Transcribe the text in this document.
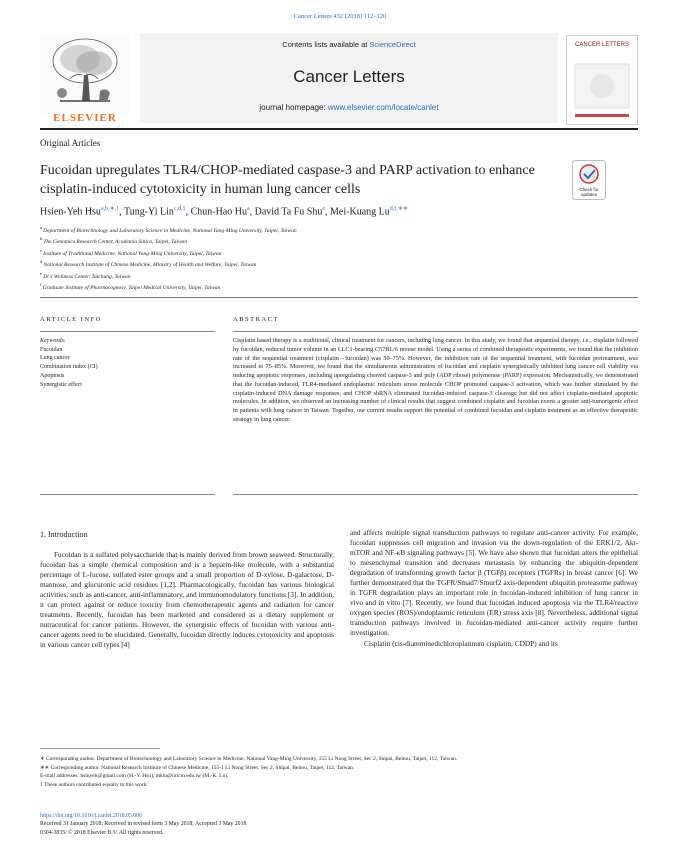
Cancer Letters 432 (2018) 112–120
ELSEVIER
Contents lists available at ScienceDirect
Cancer Letters
journal homepage: www.elsevier.com/locate/canlet
CANCER LETTERS
Original Articles
Fucoidan upregulates TLR4/CHOP-mediated caspase-3 and PARP activation to enhance cisplatin-induced cytotoxicity in human lung cancer cells	Check for updates
Hsien-Yeh Hsu$^{a,b,∗,1}$, Tung-Yi Lin$^{c,d,1}$, Chun-Hao Hu$^a$, David Ta Fu Shu$^e$, Mei-Kuang $Lu^{d,f,∗∗}$
$^a$ Department of Biotechnology and Laboratory Science in Medicine, National Yang-Ming University, Taipei, Taiwan
$^b$ The Genomics Research Center, Academia Sinica, Taipei, Taiwan
$^c$ Institute of Traditional Medicine, National Yang-Ming University, Taipei, Taiwan
$^d$ National Research Institute of Chinese Medicine, Ministry of Health and Welfare, Taipei, Taiwan
$^e$ Dr's Wellness Center, Taichung, Taiwan
$^f$ Graduate Institute of Pharmacognosy, Taipei Medical University, Taipei, Taiwan
ARTICLE INFO	ABSTRACT
Keywords:
Fucoidan
Lung cancer
Combination index (CI)
Apoptosis
Synergistic effect
Cisplatin based therapy is a traditional, clinical treatment for cancers, including lung cancer. In this study, we found that sequential therapy, i.e., cisplatin followed by fucoidan, reduced tumor volume in an LLC1-bearing C57BL/6 mouse model. Using a series of combined therapeutic experiments, we found that the inhibition rate of the sequential treatment (cisplatin→fucoidan) was 50–75%. However, the inhibition rate of the sequential treatment, with fucoidan pretreatment, was increased to 75–85%. Moreover, we found that the simultaneous administration of fucoidan and cisplatin synergistically inhibited lung cancer cell viability via inducing apoptotic responses, including upregulating cleaved caspase-3 and poly (ADP ribose) polymerase (PARP) expression. Mechanistically, we demonstrated that the fucoidan-induced, TLR4-mediated endoplasmic reticulum stress molecule CHOP promoted caspase-3 activation, which was further stimulated by the cisplatin-induced DNA damage responses, and CHOP shRNA eliminated fucoidan-induced caspase-3 cleavage but did not affect cisplatin-mediated apoptotic molecules. In addition, we observed an increasing number of clinical results that suggest combined cisplatin and fucoidan exerts a greater anti-tumorigenic effect in patients with lung cancer in Taiwan. Together, our current results support the potential of combined fucoidan and cisplatin treatment as an effective therapeutic strategy in lung cancer.
1. Introduction
Fucoidan is a sulfated polysaccharide that is mainly derived from brown seaweed. Structurally, fucoidan has a simple chemical composition and is a heparin-like molecule, with a substantial percentage of L-fucose, sulfated ester groups and a small proportion of D-xylose, D-galactose, D-mannose, and glucuronic acid residues [1,2]. Pharmacologically, fucoidan has various biological activities, such as anti-cancer, anti-inflammatory, and immunomodulatory functions [3]. In addition, it can protect against or reduce toxicity from chemotherapeutic agents and radiation for cancer treatments. Recently, fucoidan has been marketed and considered as a dietary supplement or nutraceutical for cancer patients. However, the synergistic effects of fucoidan with various anti-cancer agents need to be elucidated. Generally, fucoidan directly induces cytotoxicity and apoptosis in various cancer cell types [4]

and affects multiple signal transduction pathways to regulate anti-cancer activity. For example, fucoidan suppresses cell migration and invasion via the down-regulation of the ERK1/2, Akt-mTOR and NF-κB signaling pathways [5]. We have also shown that fucoidan alters the epithelial to mesenchymal transition and decreases metastasis by enhancing the ubiquitin-dependent degradation of transforming growth factor β (TGFβ) receptors (TGFRs) in breast cancer [6]. We further demonstrated that the TGFR/Smad7/Smurf2 axis-dependent ubiquitin proteasome pathway in TGFR degradation plays an important role in fucoidan-induced inhibition of lung cancer in vivo and in vitro [7]. Recently, we found that fucoidan induced apoptosis via the TLR4/reactive oxygen species (ROS)/endoplasmic reticulum (ER) stress axis [8]. Nevertheless, additional signal transduction pathways involved in fucoidan-mediated anti-cancer activity require further investigation.

Cisplatin (cis-diamminedichloroplatinum cisplatin, CDDP) and its

∗ Corresponding author. Department of Biotechnology and Laboratory Science in Medicine, National Yang-Ming University, 155 Li Nong Street, Sec 2, Shipai, Beitou, Taipei, 112, Taiwan.
∗∗ Corresponding author. National Research Institute of Chinese Medicine, 155-1 Li Nong Street, Sec 2, Shipai, Beitou, Taipei, 112, Taiwan.
E-mail addresses: hsinyeh@gmail.com (H.-Y. Hsu), mklu@nricm.edu.tw (M.-K. Lu).
1 These authors contributed equally to this work.
https://doi.org/10.1016/j.canlet.2018.05.006
Received 31 January 2018; Received in revised form 3 May 2018; Accepted 3 May 2018
0304-3835/ © 2018 Elsevier B.V. All rights reserved.
